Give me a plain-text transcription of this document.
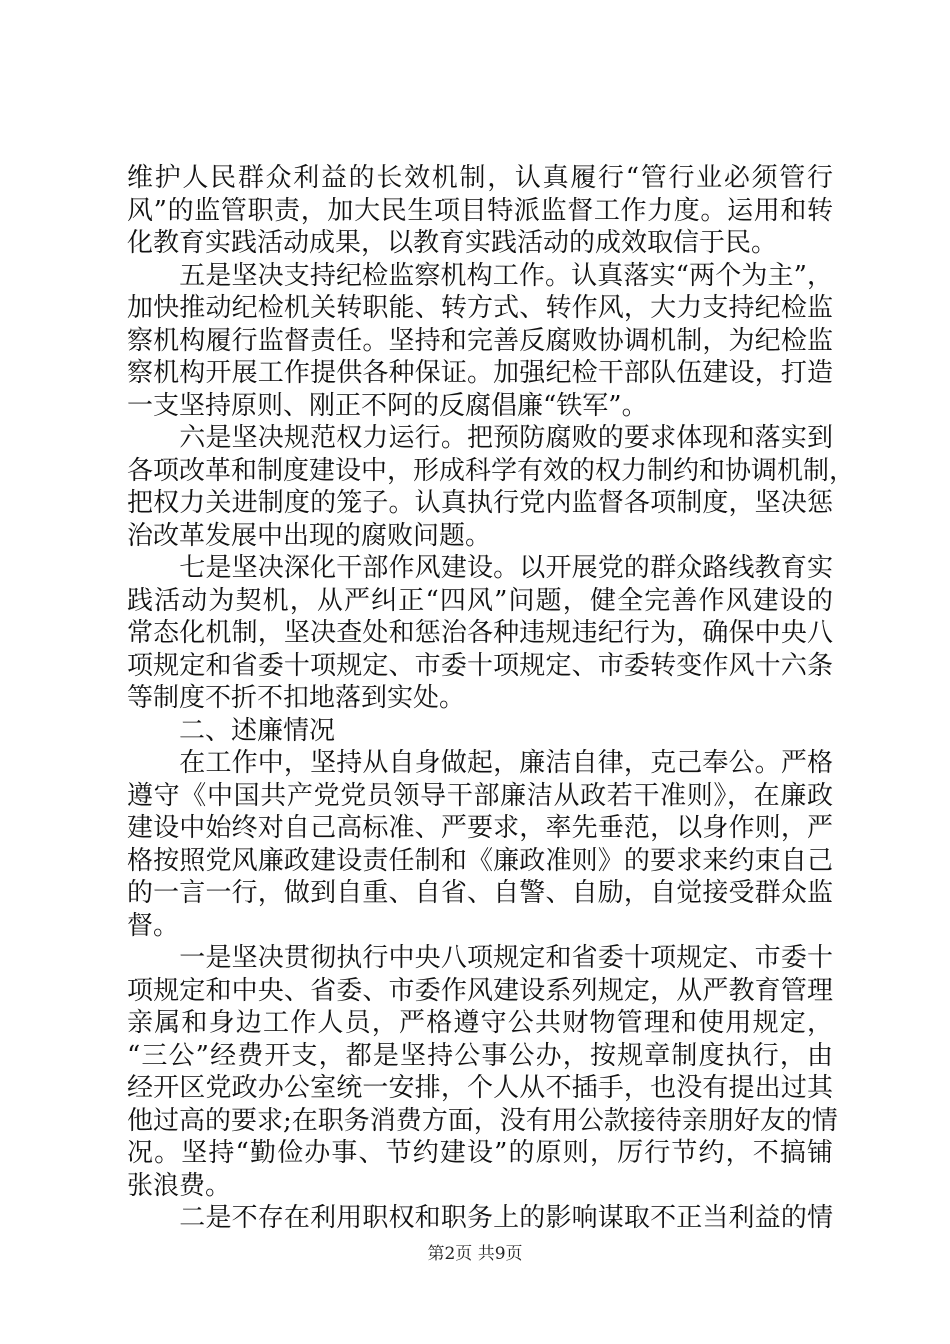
维护人民群众利益的长效机制，认真履行“管行业必须管行
风”的监管职责，加大民生项目特派监督工作力度。运用和转
化教育实践活动成果，以教育实践活动的成效取信于民。
　　五是坚决支持纪检监察机构工作。认真落实“两个为主”，
加快推动纪检机关转职能、转方式、转作风，大力支持纪检监
察机构履行监督责任。坚持和完善反腐败协调机制，为纪检监
察机构开展工作提供各种保证。加强纪检干部队伍建设，打造
一支坚持原则、刚正不阿的反腐倡廉“铁军”。
　　六是坚决规范权力运行。把预防腐败的要求体现和落实到
各项改革和制度建设中，形成科学有效的权力制约和协调机制，
把权力关进制度的笼子。认真执行党内监督各项制度，坚决惩
治改革发展中出现的腐败问题。
　　七是坚决深化干部作风建设。以开展党的群众路线教育实
践活动为契机，从严纠正“四风”问题，健全完善作风建设的
常态化机制，坚决查处和惩治各种违规违纪行为，确保中央八
项规定和省委十项规定、市委十项规定、市委转变作风十六条
等制度不折不扣地落到实处。
　　二、述廉情况
　　在工作中，坚持从自身做起，廉洁自律，克己奉公。严格
遵守《中国共产党党员领导干部廉洁从政若干准则》，在廉政
建设中始终对自己高标准、严要求，率先垂范，以身作则，严
格按照党风廉政建设责任制和《廉政准则》的要求来约束自己
的一言一行，做到自重、自省、自警、自励，自觉接受群众监
督。
　　一是坚决贯彻执行中央八项规定和省委十项规定、市委十
项规定和中央、省委、市委作风建设系列规定，从严教育管理
亲属和身边工作人员，严格遵守公共财物管理和使用规定，
“三公”经费开支，都是坚持公事公办，按规章制度执行，由
经开区党政办公室统一安排，个人从不插手，也没有提出过其
他过高的要求;在职务消费方面，没有用公款接待亲朋好友的情
况。坚持“勤俭办事、节约建设”的原则，厉行节约，不搞铺
张浪费。
　　二是不存在利用职权和职务上的影响谋取不正当利益的情
第2页 共9页
